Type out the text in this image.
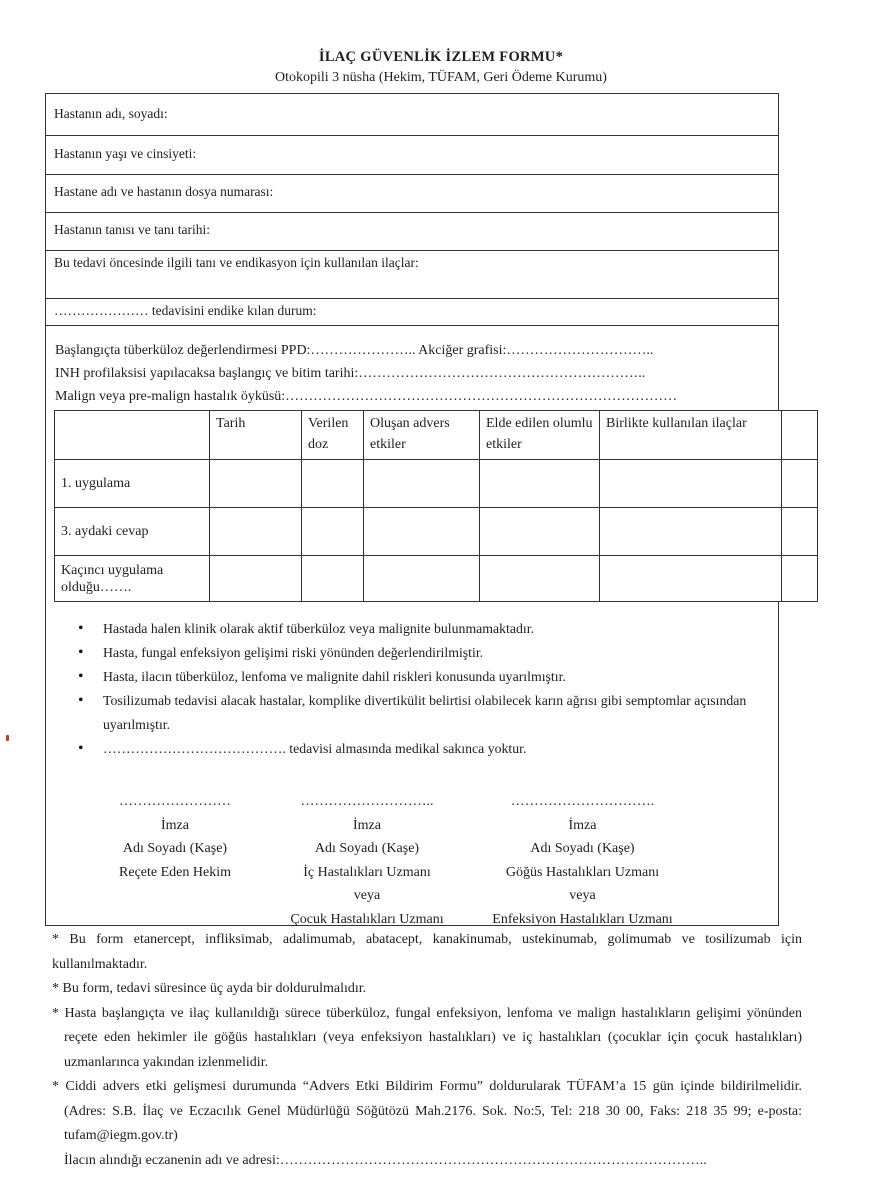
İLAÇ GÜVENLİK İZLEM FORMU*
Otokopili 3 nüsha (Hekim, TÜFAM, Geri Ödeme Kurumu)
Hastanın adı, soyadı:
Hastanın yaşı ve cinsiyeti:
Hastane adı ve hastanın dosya numarası:
Hastanın tanısı ve tanı tarihi:
Bu tedavi öncesinde ilgili tanı ve endikasyon için kullanılan ilaçlar:
………………… tedavisini endike kılan durum:
Başlangıçta tüberküloz değerlendirmesi PPD:………………….. Akciğer grafisi:…………………………..
INH profilaksisi yapılacaksa başlangıç ve bitim tarihi:……………………………………………………..
Malign veya pre-malign hastalık öyküsü:…………………………………………………………………………
	Tarih	Verilen doz	Oluşan advers etkiler	Elde edilen olumlu etkiler	Birlikte kullanılan ilaçlar	
1. uygulama						
3. aydaki cevap						
Kaçıncı uygulama olduğu…….						
• Hastada halen klinik olarak aktif tüberküloz veya malignite bulunmamaktadır.
• Hasta, fungal enfeksiyon gelişimi riski yönünden değerlendirilmiştir.
• Hasta, ilacın tüberküloz, lenfoma ve malignite dahil riskleri konusunda uyarılmıştır.
• Tosilizumab tedavisi alacak hastalar, komplike divertikülit belirtisi olabilecek karın ağrısı gibi semptomlar açısından uyarılmıştır.
• …………………………………. tedavisi almasında medikal sakınca yoktur.
……………………
İmza
Adı Soyadı (Kaşe)
Reçete Eden Hekim
………………………..
İmza
Adı Soyadı (Kaşe)
İç Hastalıkları Uzmanı
veya
Çocuk Hastalıkları Uzmanı
………………………….
İmza
Adı Soyadı (Kaşe)
Göğüs Hastalıkları Uzmanı
veya
Enfeksiyon Hastalıkları Uzmanı

* Bu form etanercept, infliksimab, adalimumab, abatacept, kanakinumab, ustekinumab, golimumab ve tosilizumab için kullanılmaktadır.

* Bu form, tedavi süresince üç ayda bir doldurulmalıdır.

* Hasta başlangıçta ve ilaç kullanıldığı sürece tüberküloz, fungal enfeksiyon, lenfoma ve malign hastalıkların gelişimi yönünden reçete eden hekimler ile göğüs hastalıkları (veya enfeksiyon hastalıkları) ve iç hastalıkları (çocuklar için çocuk hastalıkları) uzmanlarınca yakından izlenmelidir.

* Ciddi advers etki gelişmesi durumunda “Advers Etki Bildirim Formu” doldurularak TÜFAM’a 15 gün içinde bildirilmelidir. (Adres: S.B. İlaç ve Eczacılık Genel Müdürlüğü Söğütözü Mah.2176. Sok. No:5, Tel: 218 30 00, Faks: 218 35 99; e-posta: tufam@iegm.gov.tr)

İlacın alındığı eczanenin adı ve adresi:………………………………………………………………………………..
